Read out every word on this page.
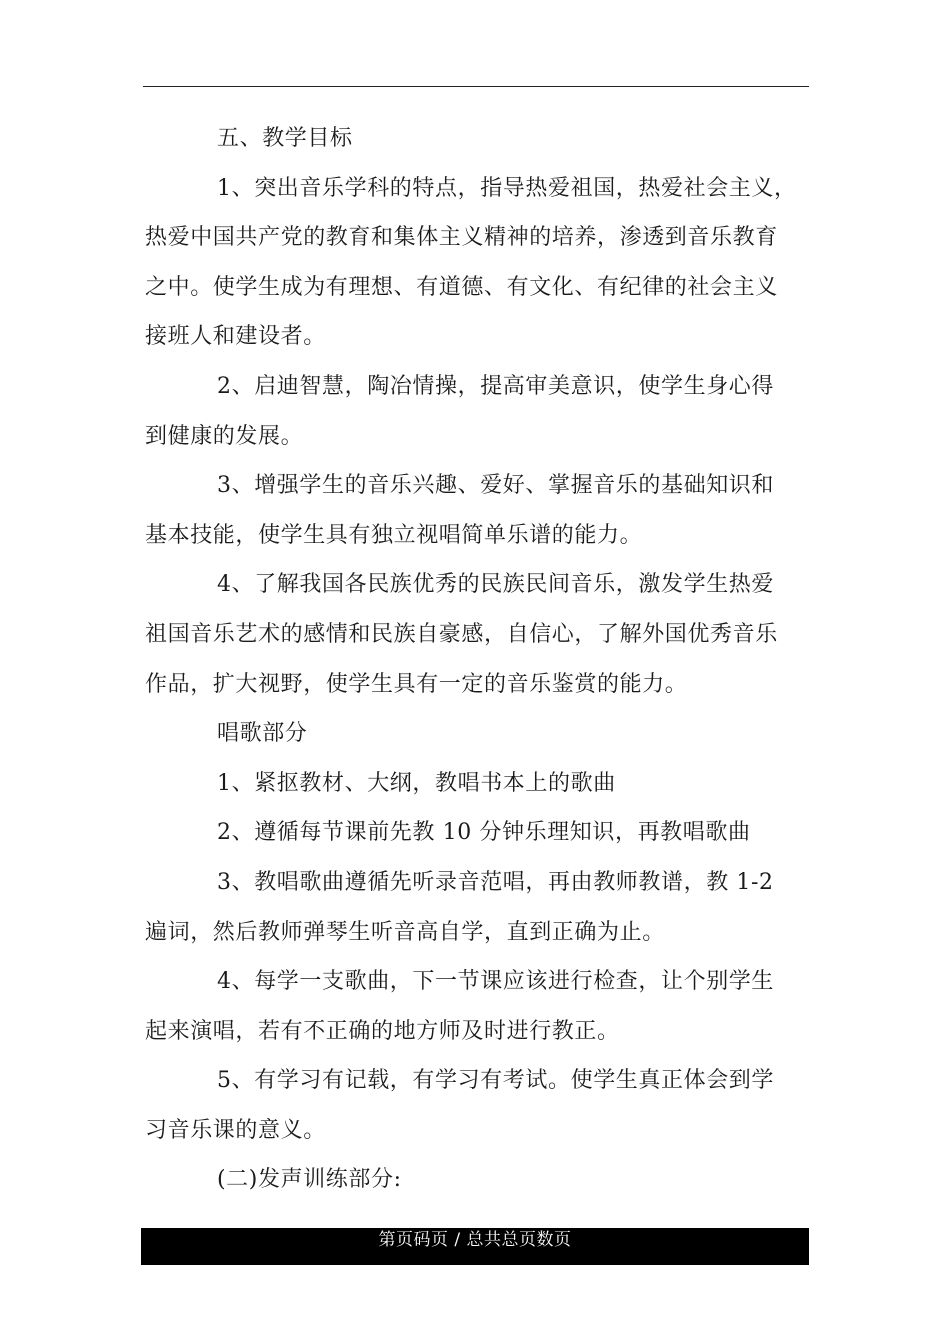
五、教学目标
1、突出音乐学科的特点，指导热爱祖国，热爱社会主义，
热爱中国共产党的教育和集体主义精神的培养，渗透到音乐教育
之中。使学生成为有理想、有道德、有文化、有纪律的社会主义
接班人和建设者。
2、启迪智慧，陶冶情操，提高审美意识，使学生身心得
到健康的发展。
3、增强学生的音乐兴趣、爱好、掌握音乐的基础知识和
基本技能，使学生具有独立视唱简单乐谱的能力。
4、了解我国各民族优秀的民族民间音乐，激发学生热爱
祖国音乐艺术的感情和民族自豪感，自信心，了解外国优秀音乐
作品，扩大视野，使学生具有一定的音乐鉴赏的能力。
唱歌部分
1、紧抠教材、大纲，教唱书本上的歌曲
2、遵循每节课前先教 10 分钟乐理知识，再教唱歌曲
3、教唱歌曲遵循先听录音范唱，再由教师教谱，教 1-2
遍词，然后教师弹琴生听音高自学，直到正确为止。
4、每学一支歌曲，下一节课应该进行检查，让个别学生
起来演唱，若有不正确的地方师及时进行教正。
5、有学习有记载，有学习有考试。使学生真正体会到学
习音乐课的意义。
(二)发声训练部分:
第页码页 / 总共总页数页
